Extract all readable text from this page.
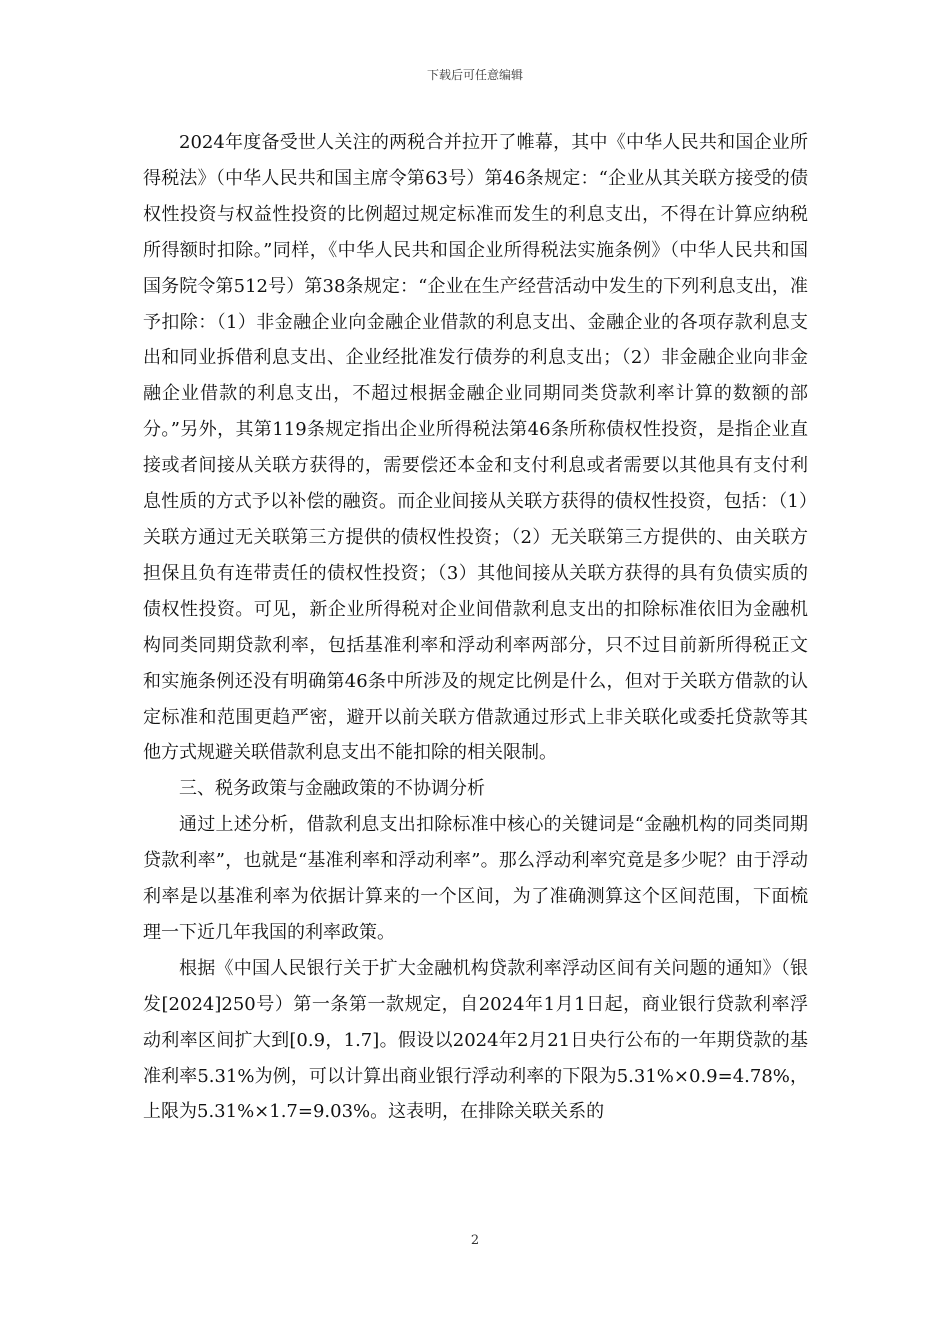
下载后可任意编辑

2024年度备受世人关注的两税合并拉开了帷幕，其中《中华人民共和国企业所得税法》（中华人民共和国主席令第63号）第46条规定：“企业从其关联方接受的债权性投资与权益性投资的比例超过规定标准而发生的利息支出，不得在计算应纳税所得额时扣除。”同样，《中华人民共和国企业所得税法实施条例》（中华人民共和国国务院令第512号）第38条规定：“企业在生产经营活动中发生的下列利息支出，准予扣除：（1）非金融企业向金融企业借款的利息支出、金融企业的各项存款利息支出和同业拆借利息支出、企业经批准发行债券的利息支出；（2）非金融企业向非金融企业借款的利息支出，不超过根据金融企业同期同类贷款利率计算的数额的部分。”另外，其第119条规定指出企业所得税法第46条所称债权性投资，是指企业直接或者间接从关联方获得的，需要偿还本金和支付利息或者需要以其他具有支付利息性质的方式予以补偿的融资。而企业间接从关联方获得的债权性投资，包括：（1）关联方通过无关联第三方提供的债权性投资；（2）无关联第三方提供的、由关联方担保且负有连带责任的债权性投资；（3）其他间接从关联方获得的具有负债实质的债权性投资。可见，新企业所得税对企业间借款利息支出的扣除标准依旧为金融机构同类同期贷款利率，包括基准利率和浮动利率两部分，只不过目前新所得税正文和实施条例还没有明确第46条中所涉及的规定比例是什么，但对于关联方借款的认定标准和范围更趋严密，避开以前关联方借款通过形式上非关联化或委托贷款等其他方式规避关联借款利息支出不能扣除的相关限制。

三、税务政策与金融政策的不协调分析

通过上述分析，借款利息支出扣除标准中核心的关键词是“金融机构的同类同期贷款利率”，也就是“基准利率和浮动利率”。那么浮动利率究竟是多少呢？由于浮动利率是以基准利率为依据计算来的一个区间，为了准确测算这个区间范围，下面梳理一下近几年我国的利率政策。

根据《中国人民银行关于扩大金融机构贷款利率浮动区间有关问题的通知》（银发[2024]250号）第一条第一款规定，自2024年1月1日起，商业银行贷款利率浮动利率区间扩大到[0.9，1.7]。假设以2024年2月21日央行公布的一年期贷款的基准利率5.31%为例，可以计算出商业银行浮动利率的下限为5.31%×0.9=4.78%，上限为5.31%×1.7=9.03%。这表明，在排除关联关系的

2
